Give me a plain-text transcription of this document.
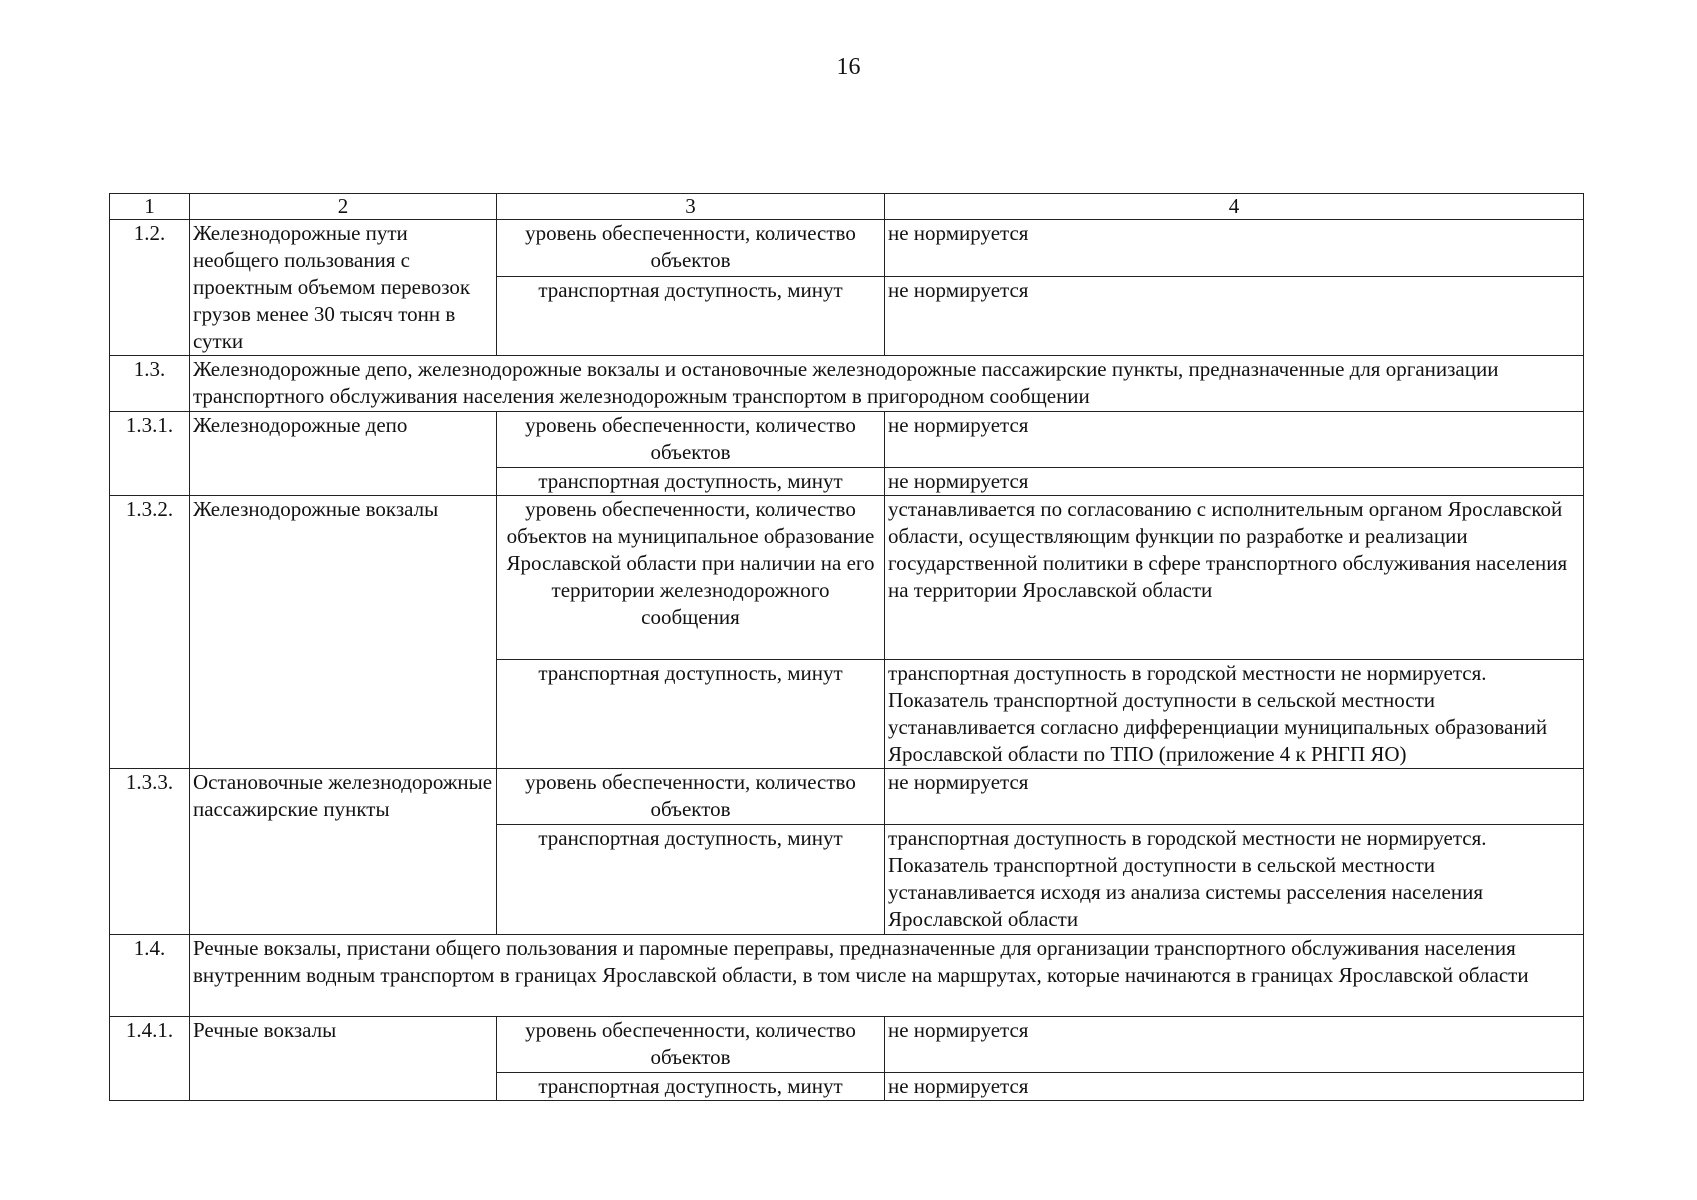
16
1	2	3	4
1.2.	Железнодорожные пути необщего пользования с проектным объемом перевозок грузов менее 30 тысяч тонн в сутки	уровень обеспеченности, количество объектов	не нормируется
		транспортная доступность, минут	не нормируется
1.3.	Железнодорожные депо, железнодорожные вокзалы и остановочные железнодорожные пассажирские пункты, предназначенные для организации транспортного обслуживания населения железнодорожным транспортом в пригородном сообщении		
1.3.1.	Железнодорожные депо	уровень обеспеченности, количество объектов	не нормируется
		транспортная доступность, минут	не нормируется
1.3.2.	Железнодорожные вокзалы	уровень обеспеченности, количество объектов на муниципальное образование Ярославской области при наличии на его территории железнодорожного сообщения	устанавливается по согласованию с исполнительным органом Ярославской области, осуществляющим функции по разработке и реализации государственной политики в сфере транспортного обслуживания населения на территории Ярославской области
		транспортная доступность, минут	транспортная доступность в городской местности не нормируется. Показатель транспортной доступности в сельской местности устанавливается согласно дифференциации муниципальных образований Ярославской области по ТПО (приложение 4 к РНГП ЯО)
1.3.3.	Остановочные железнодорожные пассажирские пункты	уровень обеспеченности, количество объектов	не нормируется
		транспортная доступность, минут	транспортная доступность в городской местности не нормируется. Показатель транспортной доступности в сельской местности устанавливается исходя из анализа системы расселения населения Ярославской области
1.4.	Речные вокзалы, пристани общего пользования и паромные переправы, предназначенные для организации транспортного обслуживания населения внутренним водным транспортом в границах Ярославской области, в том числе на маршрутах, которые начинаются в границах Ярославской области		
1.4.1.	Речные вокзалы	уровень обеспеченности, количество объектов	не нормируется
		транспортная доступность, минут	не нормируется
